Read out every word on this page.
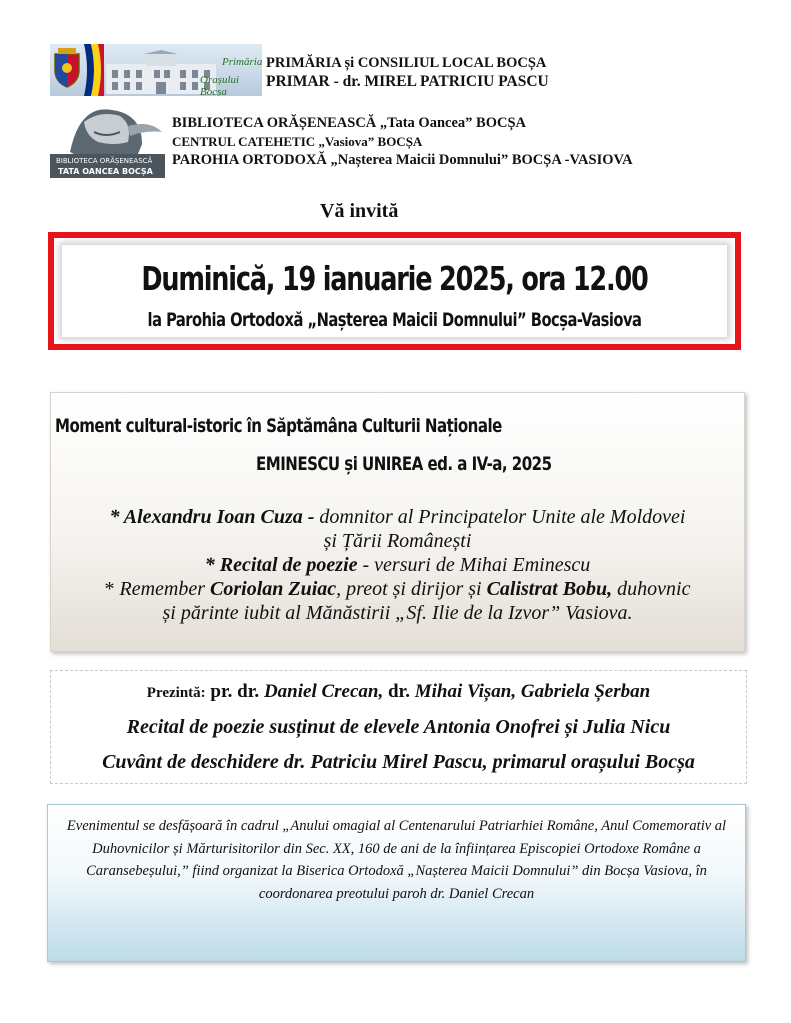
Primăria
Orașului Bocșa
BIBLIOTECA ORĂȘENEASCĂ
TATA OANCEA BOCȘA
PRIMĂRIA și CONSILIUL LOCAL BOCȘA
PRIMAR - dr. MIREL PATRICIU PASCU
BIBLIOTECA ORĂȘENEASCĂ „Tata Oancea” BOCȘA
CENTRUL CATEHETIC „Vasiova” BOCȘA
PAROHIA ORTODOXĂ „Nașterea Maicii Domnului” BOCȘA -VASIOVA
Vă invită
Duminică, 19 ianuarie 2025, ora 12.00
la Parohia Ortodoxă „Nașterea Maicii Domnului” Bocșa-Vasiova
Moment cultural-istoric în Săptămâna Culturii Naționale
EMINESCU și UNIREA ed. a IV-a, 2025
* Alexandru Ioan Cuza - domnitor al Principatelor Unite ale Moldovei
și Țării Românești
* Recital de poezie - versuri de Mihai Eminescu
* Remember Coriolan Zuiac, preot și dirijor și Calistrat Bobu, duhovnic
și părinte iubit al Mănăstirii „Sf. Ilie de la Izvor” Vasiova.
Prezintă: pr. dr. Daniel Crecan, dr. Mihai Vișan, Gabriela Șerban
Recital de poezie susținut de elevele Antonia Onofrei și Julia Nicu
Cuvânt de deschidere dr. Patriciu Mirel Pascu, primarul orașului Bocșa
Evenimentul se desfășoară în cadrul „Anului omagial al Centenarului Patriarhiei Române, Anul Comemorativ al Duhovnicilor și Mărturisitorilor din Sec. XX, 160 de ani de la înființarea Episcopiei Ortodoxe Române a Caransebeșului,” fiind organizat la Biserica Ortodoxă „Nașterea Maicii Domnului” din Bocșa Vasiova, în coordonarea preotului paroh dr. Daniel Crecan
